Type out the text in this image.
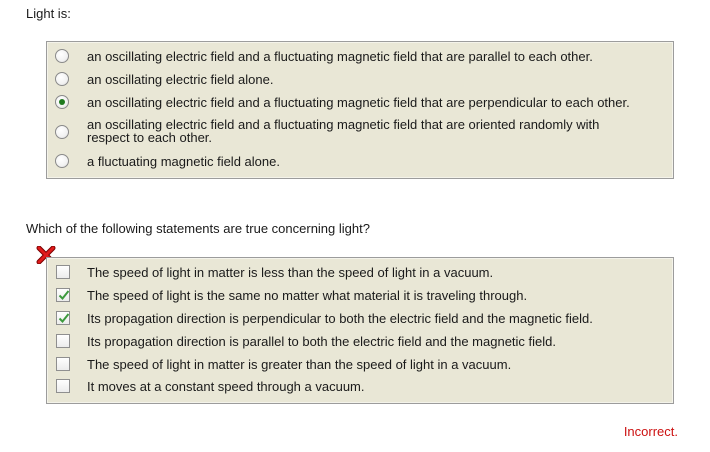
Light is:

an oscillating electric field and a fluctuating magnetic field that are parallel to each other.
an oscillating electric field alone.
an oscillating electric field and a fluctuating magnetic field that are perpendicular to each other.
an oscillating electric field and a fluctuating magnetic field that are oriented randomly with respect to each other.
a fluctuating magnetic field alone.

Which of the following statements are true concerning light?

The speed of light in matter is less than the speed of light in a vacuum.
The speed of light is the same no matter what material it is traveling through.
Its propagation direction is perpendicular to both the electric field and the magnetic field.
Its propagation direction is parallel to both the electric field and the magnetic field.
The speed of light in matter is greater than the speed of light in a vacuum.
It moves at a constant speed through a vacuum.
Incorrect.
